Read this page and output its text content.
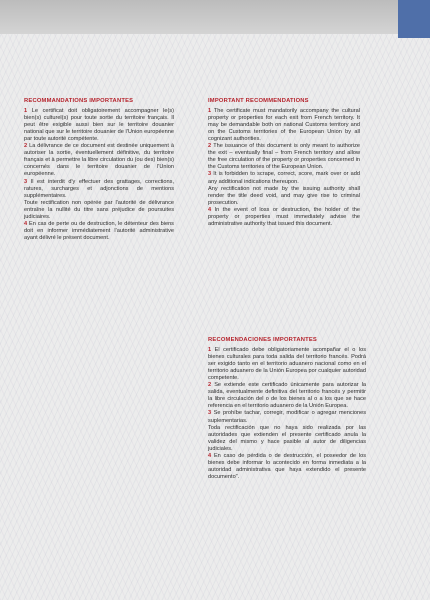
RECOMMANDATIONS IMPORTANTES

1 Le certificat doit obligatoirement accompagner le(s) bien(s) culturel(s) pour toute sortie du territoire français. Il peut être exigible aussi bien sur le territoire douanier national que sur le territoire douanier de l'Union européenne par toute autorité compétente.

2 La délivrance de ce document est destinée uniquement à autoriser la sortie, éventuellement définitive, du territoire français et à permettre la libre circulation du (ou des) bien(s) concernés dans le territoire douanier de l'Union européenne.

3 Il est interdit d'y effectuer des grattages, corrections, ratures, surcharges et adjonctions de mentions supplémentaires.

Toute rectification non opérée par l'autorité de délivrance entraîne la nullité du titre sans préjudice de poursuites judiciaires.

4 En cas de perte ou de destruction, le détenteur des biens doit en informer immédiatement l'autorité administrative ayant délivré le présent document.

IMPORTANT RECOMMENDATIONS

1 The certificate must mandatorily accompany the cultural property or properties for each exit from French territory. It may be demandable both on national Customs territory and on the Customs territories of the European Union by all cognizant authorities.

2 The issuance of this document is only meant to authorize the exit – eventually final – from French territory and allow the free circulation of the property or properties concerned in the Customs territories of the European Union.

3 It is forbidden to scrape, correct, score, mark over or add any additional indications thereupon.

Any rectification not made by the issuing authority shall render the title deed void, and may give rise to criminal prosecution.

4 In the event of loss or destruction, the holder of the property or properties must immediately advise the administrative authority that issued this document.

RECOMENDACIONES IMPORTANTES

1 El certificado debe obligatoriamente acompañar el o los bienes culturales para toda salida del territorio francés. Podrá ser exigido tanto en el territorio aduanero nacional como en el territorio aduanero de la Unión Europea por cualquier autoridad competente.

2 Se extiende este certificado únicamente para autorizar la salida, eventualmente definitiva del territorio francés y permitir la libre circulación del o de los bienes al o a los que se hace referencia en el territorio aduanero de la Unión Europea.

3 Se prohíbe tachar, corregir, modificar o agregar menciones suplementarias.

Toda rectificación que no haya sido realizada por las autoridades que extienden el presente certificado anula la validez del mismo y hace pasible al autor de diligencias judiciales.

4 En caso de pérdida o de destrucción, el poseedor de los bienes debe informar lo acontecido en forma inmediata a la autoridad administrativa que haya extendido el presente documento".
